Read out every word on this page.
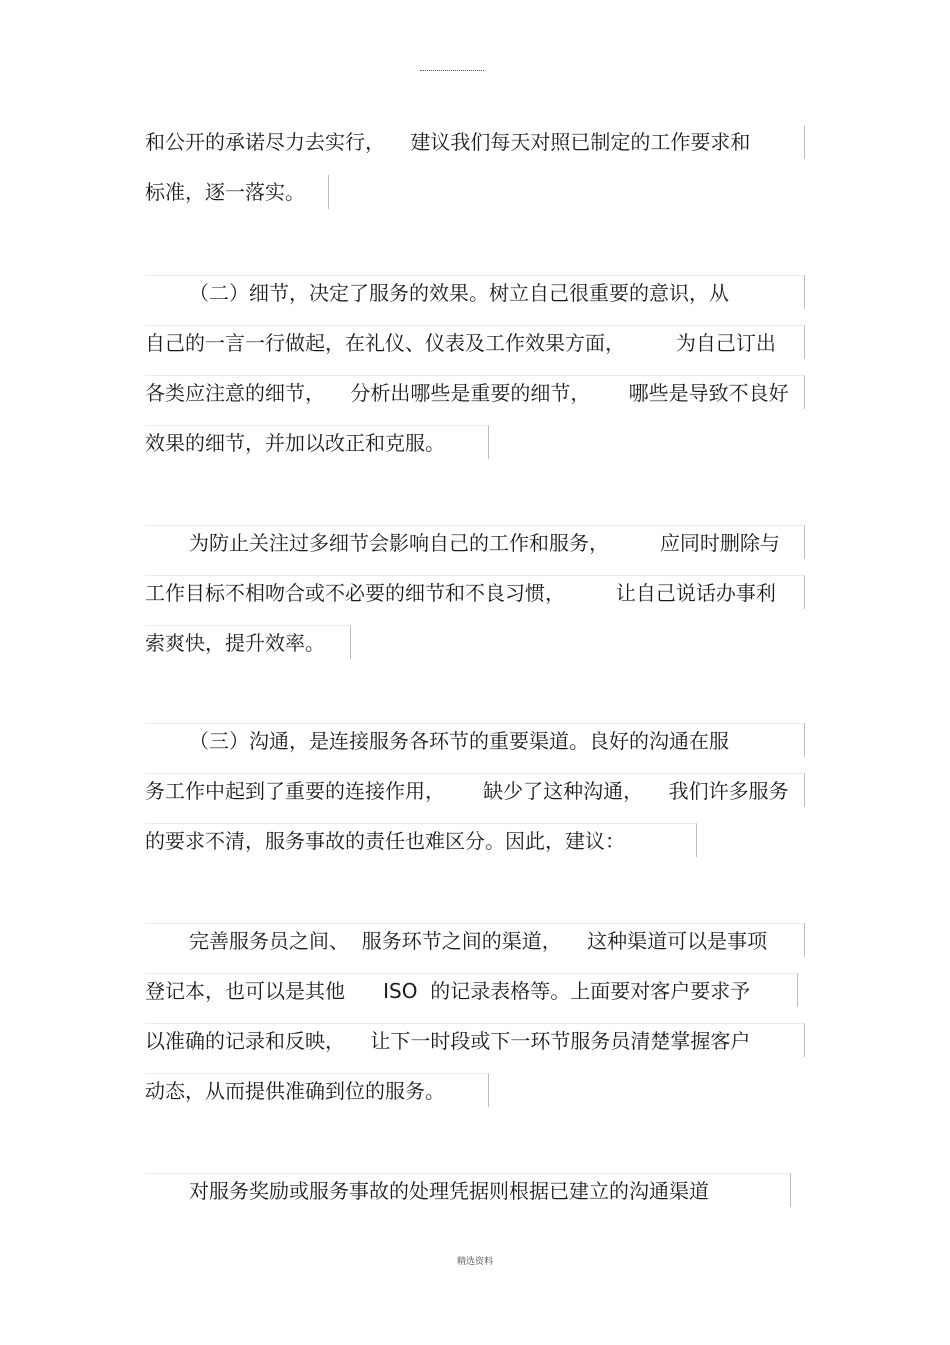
和公开的承诺尽力去实行，    建议我们每天对照已制定的工作要求和
标准，逐一落实。
（二）细节，决定了服务的效果。树立自己很重要的意识，从
自己的一言一行做起，在礼仪、仪表及工作效果方面，        为自己订出
各类应注意的细节，    分析出哪些是重要的细节，      哪些是导致不良好
效果的细节，并加以改正和克服。
为防止关注过多细节会影响自己的工作和服务，        应同时删除与
工作目标不相吻合或不必要的细节和不良习惯，        让自己说话办事利
索爽快，提升效率。
（三）沟通，是连接服务各环节的重要渠道。良好的沟通在服
务工作中起到了重要的连接作用，      缺少了这种沟通，    我们许多服务
的要求不清，服务事故的责任也难区分。因此，建议：
完善服务员之间、  服务环节之间的渠道，    这种渠道可以是事项
登记本，也可以是其他      ISO  的记录表格等。上面要对客户要求予
以准确的记录和反映，    让下一时段或下一环节服务员清楚掌握客户
动态，从而提供准确到位的服务。
对服务奖励或服务事故的处理凭据则根据已建立的沟通渠道
精选资料
